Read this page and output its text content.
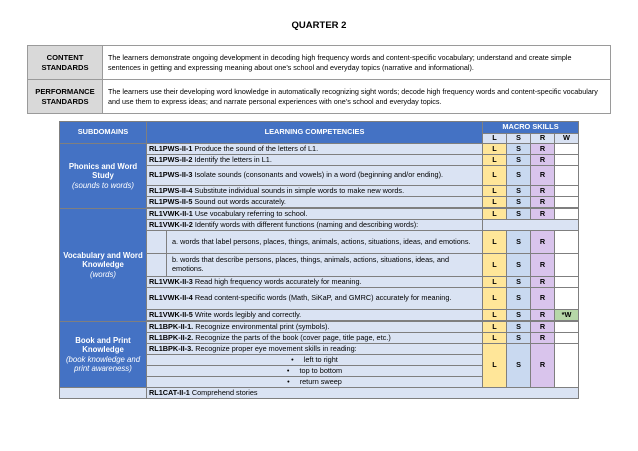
QUARTER 2
CONTENT STANDARDS	The learners demonstrate ongoing development in decoding high frequency words and content-specific vocabulary; understand and create simple sentences in getting and expressing meaning about one’s school and everyday topics (narrative and informational).
PERFORMANCE STANDARDS	The learners use their developing word knowledge in automatically recognizing sight words; decode high frequency words and content-specific vocabulary and use them to express ideas; and narrate personal experiences with one’s school and everyday topics.
SUBDOMAINS	LEARNING COMPETENCIES		MACRO SKILLS			
			L	S	R	W
Phonics and Word Study
(sounds to words)	RL1PWS-II-1 Produce the sound of the letters of L1.		L	S	R	
	RL1PWS-II-2 Identify the letters in L1.		L	S	R	
	RL1PWS-II-3 Isolate sounds (consonants and vowels) in a word (beginning and/or ending).		L	S	R	
	RL1PWS-II-4 Substitute individual sounds in simple words to make new words.		L	S	R	
	RL1PWS-II-5 Sound out words accurately.		L	S	R	

Vocabulary and Word Knowledge
(words)	RL1VWK-II-1 Use vocabulary referring to school.		L	S	R	
	RL1VWK-II-2 Identify words with different functions (naming and describing words):					
		a. words that label persons, places, things, animals, actions, situations, ideas, and emotions.	L	S	R	
		b. words that describe persons, places, things, animals, actions, situations, ideas, and emotions.	L	S	R	
	RL1VWK-II-3 Read high frequency words accurately for meaning.		L	S	R	
	RL1VWK-II-4 Read content-specific words (Math, SiKaP, and GMRC) accurately for meaning.		L	S	R	
	RL1VWK-II-5 Write words legibly and correctly.		L	S	R	*W

Book and Print Knowledge
(book knowledge and print awareness)	RL1BPK-II-1. Recognize environmental print (symbols).		L	S	R	
	RL1BPK-II-2. Recognize the parts of the book (cover page, title page, etc.)		L	S	R	
	RL1BPK-II-3. Recognize proper eye movement skills in reading:		L	S	R	
	• left to right
	• top to bottom
	• return sweep
	RL1CAT-II-1 Comprehend stories					
